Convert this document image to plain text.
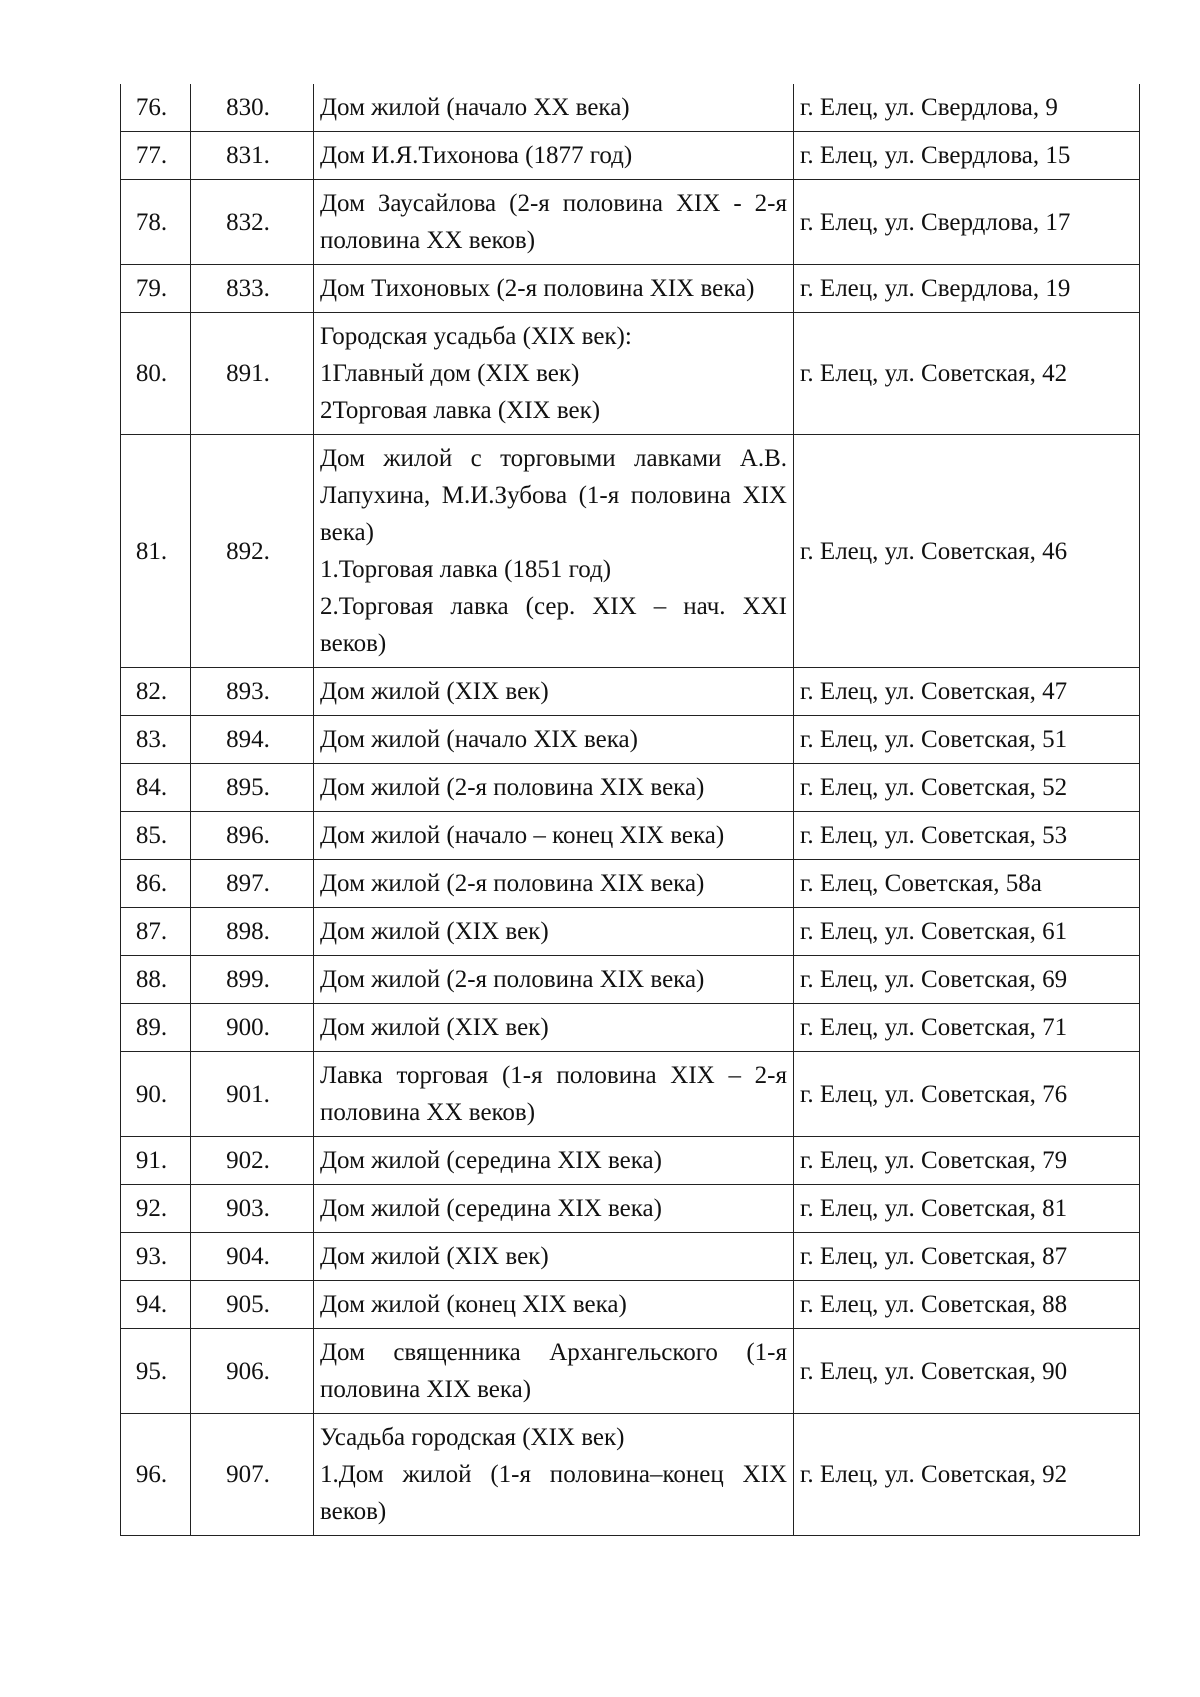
76.	830.	Дом жилой (начало XX века)	г. Елец, ул. Свердлова, 9
77.	831.	Дом И.Я.Тихонова (1877 год)	г. Елец, ул. Свердлова, 15
78.	832.	Дом Заусайлова (2-я половина XIX - 2-я половина XX веков)	г. Елец, ул. Свердлова, 17
79.	833.	Дом Тихоновых (2-я половина XIX века)	г. Елец, ул. Свердлова, 19
80.	891.	Городская усадьба (XIX век):
1Главный дом (XIX век)
2Торговая лавка (XIX век)	г. Елец, ул. Советская, 42
81.	892.	Дом жилой с торговыми лавками А.В. Лапухина, М.И.Зубова (1-я половина XIX века)
1.Торговая лавка (1851 год)
2.Торговая лавка (сер. XIX – нач. XXI веков)	г. Елец, ул. Советская, 46
82.	893.	Дом жилой (XIX век)	г. Елец, ул. Советская, 47
83.	894.	Дом жилой (начало XIX века)	г. Елец, ул. Советская, 51
84.	895.	Дом жилой (2-я половина XIX века)	г. Елец, ул. Советская, 52
85.	896.	Дом жилой (начало – конец XIX века)	г. Елец, ул. Советская, 53
86.	897.	Дом жилой (2-я половина XIX века)	г. Елец, Советская, 58а
87.	898.	Дом жилой (XIX век)	г. Елец, ул. Советская, 61
88.	899.	Дом жилой (2-я половина XIX века)	г. Елец, ул. Советская, 69
89.	900.	Дом жилой (XIX век)	г. Елец, ул. Советская, 71
90.	901.	Лавка торговая (1-я половина XIX – 2-я половина XX веков)	г. Елец, ул. Советская, 76
91.	902.	Дом жилой (середина XIX века)	г. Елец, ул. Советская, 79
92.	903.	Дом жилой (середина XIX века)	г. Елец, ул. Советская, 81
93.	904.	Дом жилой (XIX век)	г. Елец, ул. Советская, 87
94.	905.	Дом жилой (конец XIX века)	г. Елец, ул. Советская, 88
95.	906.	Дом священника Архангельского (1-я половина XIX века)	г. Елец, ул. Советская, 90
96.	907.	Усадьба городская (XIX век)
1.Дом жилой (1-я половина–конец XIX веков)	г. Елец, ул. Советская, 92
